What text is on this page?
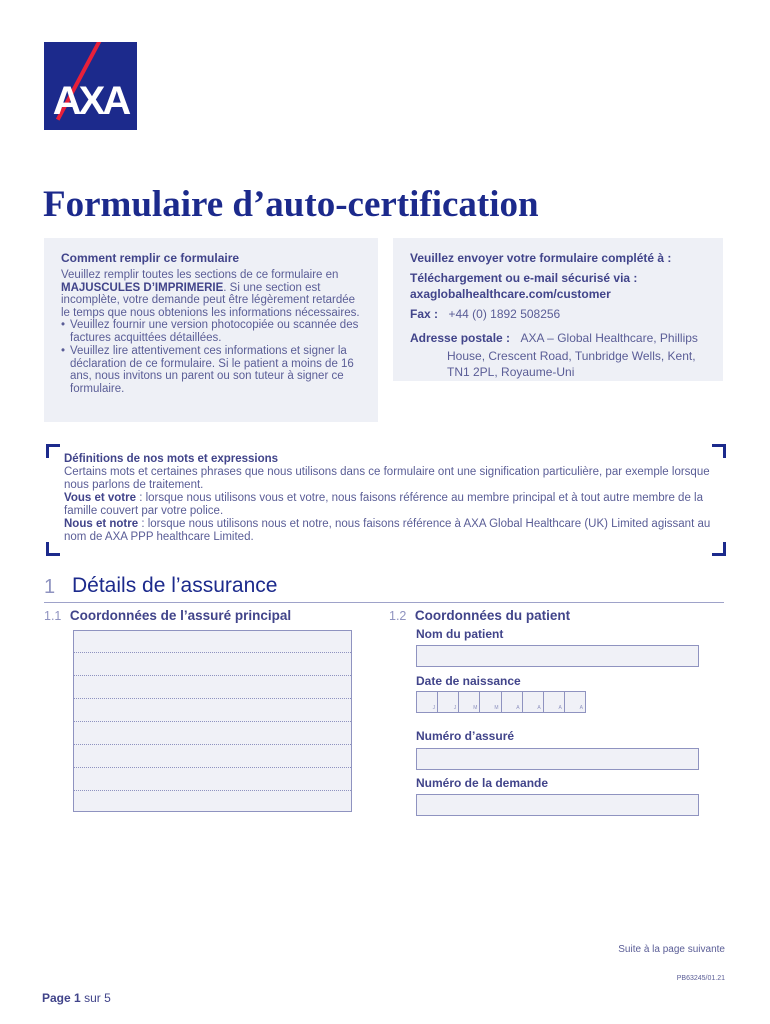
AXA
Formulaire d’auto-certification
Comment remplir ce formulaire

Veuillez remplir toutes les sections de ce formulaire en MAJUSCULES D’IMPRIMERIE. Si une section est incomplète, votre demande peut être légèrement retardée le temps que nous obtenions les informations nécessaires.

• Veuillez fournir une version photocopiée ou scannée des factures acquittées détaillées.

• Veuillez lire attentivement ces informations et signer la déclaration de ce formulaire. Si le patient a moins de 16 ans, nous invitons un parent ou son tuteur à signer ce formulaire.

Veuillez envoyer votre formulaire complété à :
Téléchargement ou e-mail sécurisé via :
axaglobalhealthcare.com/customer
Fax : +44 (0) 1892 508256
Adresse postale : AXA – Global Healthcare, Phillips
House, Crescent Road, Tunbridge Wells, Kent,
TN1 2PL, Royaume-Uni
Définitions de nos mots et expressions
Certains mots et certaines phrases que nous utilisons dans ce formulaire ont une signification particulière, par exemple lorsque nous parlons de traitement.
Vous et votre : lorsque nous utilisons vous et votre, nous faisons référence au membre principal et à tout autre membre de la famille couvert par votre police.
Nous et notre : lorsque nous utilisons nous et notre, nous faisons référence à AXA Global Healthcare (UK) Limited agissant au nom de AXA PPP healthcare Limited.
1 Détails de l’assurance
1.1 Coordonnées de l’assuré principal	1.2 Coordonnées du patient
Nom du patient
Date de naissance
J	J	M	M	A	A	A	A
Numéro d’assuré
Numéro de la demande
Suite à la page suivante
PB63245/01.21
Page 1 sur 5
